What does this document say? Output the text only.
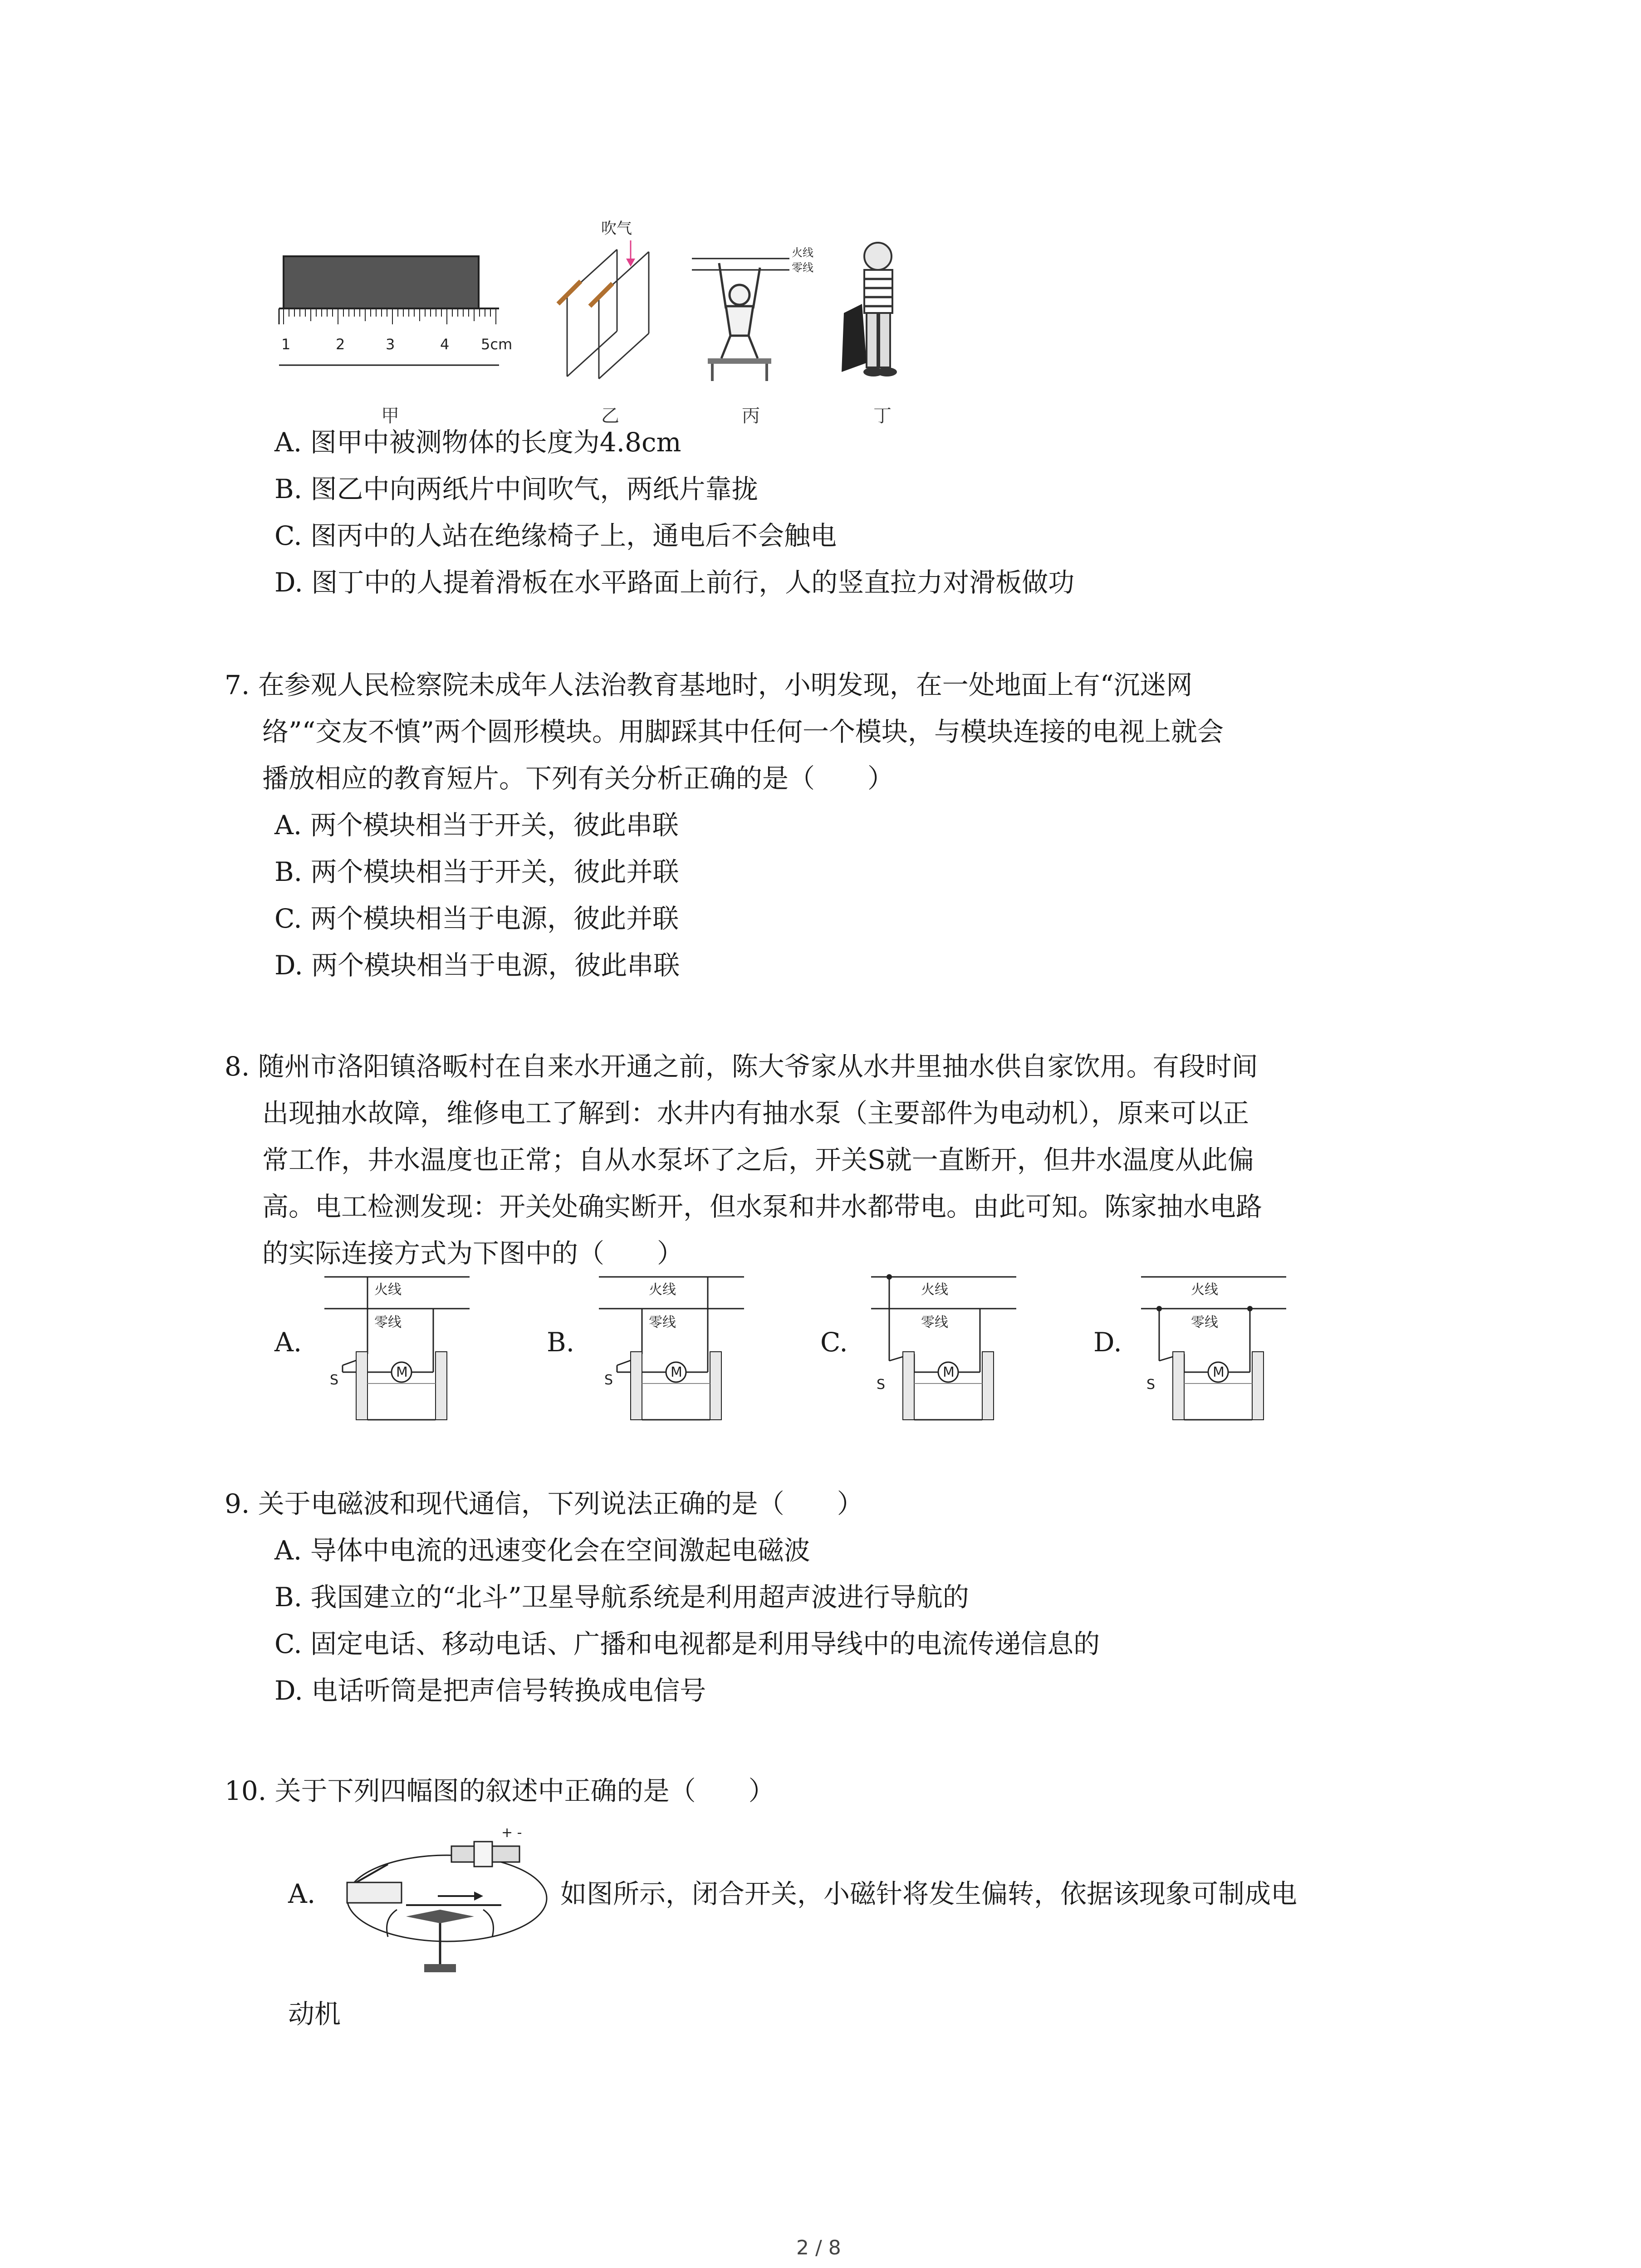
1	2	3	4 5cm
吹气
火线
零线
甲	乙	丙	丁
A. 图甲中被测物体的长度为4.8cm
B. 图乙中向两纸片中间吹气，两纸片靠拢
C. 图丙中的人站在绝缘椅子上，通电后不会触电
D. 图丁中的人提着滑板在水平路面上前行，人的竖直拉力对滑板做功
7. 在参观人民检察院未成年人法治教育基地时，小明发现，在一处地面上有“沉迷网
络”“交友不慎”两个圆形模块。用脚踩其中任何一个模块，与模块连接的电视上就会
播放相应的教育短片。下列有关分析正确的是（　　）
A. 两个模块相当于开关，彼此串联
B. 两个模块相当于开关，彼此并联
C. 两个模块相当于电源，彼此并联
D. 两个模块相当于电源，彼此串联
8. 随州市洛阳镇洛畈村在自来水开通之前，陈大爷家从水井里抽水供自家饮用。有段时间
出现抽水故障，维修电工了解到：水井内有抽水泵（主要部件为电动机），原来可以正
常工作，井水温度也正常；自从水泵坏了之后，开关S就一直断开，但井水温度从此偏
高。电工检测发现：开关处确实断开，但水泵和井水都带电。由此可知。陈家抽水电路
的实际连接方式为下图中的（　　）
A.	B.	C.	D.
火线
零线
S	M
火线
零线
S	M
火线
零线
S
M
火线
零线
S
M
9. 关于电磁波和现代通信，下列说法正确的是（　　）
A. 导体中电流的迅速变化会在空间激起电磁波
B. 我国建立的“北斗”卫星导航系统是利用超声波进行导航的
C. 固定电话、移动电话、广播和电视都是利用导线中的电流传递信息的
D. 电话听筒是把声信号转换成电信号
10. 关于下列四幅图的叙述中正确的是（　　）
A.
+ -
如图所示，闭合开关，小磁针将发生偏转，依据该现象可制成电
动机
2 / 8
